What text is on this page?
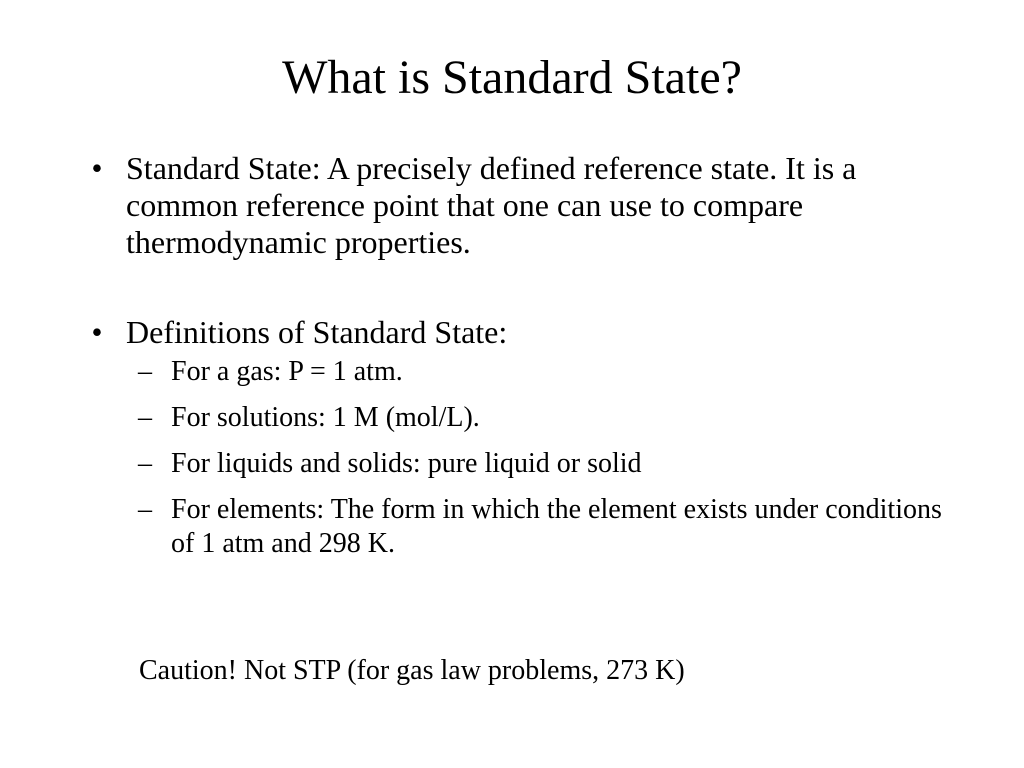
What is Standard State?

• Standard State: A precisely defined reference state. It is a common reference point that one can use to compare thermodynamic properties.

• Definitions of Standard State:

– For a gas: P = 1 atm.
– For solutions: 1 M (mol/L).
– For liquids and solids: pure liquid or solid
– For elements: The form in which the element exists under conditions of 1 atm and 298 K.

Caution! Not STP (for gas law problems, 273 K)
